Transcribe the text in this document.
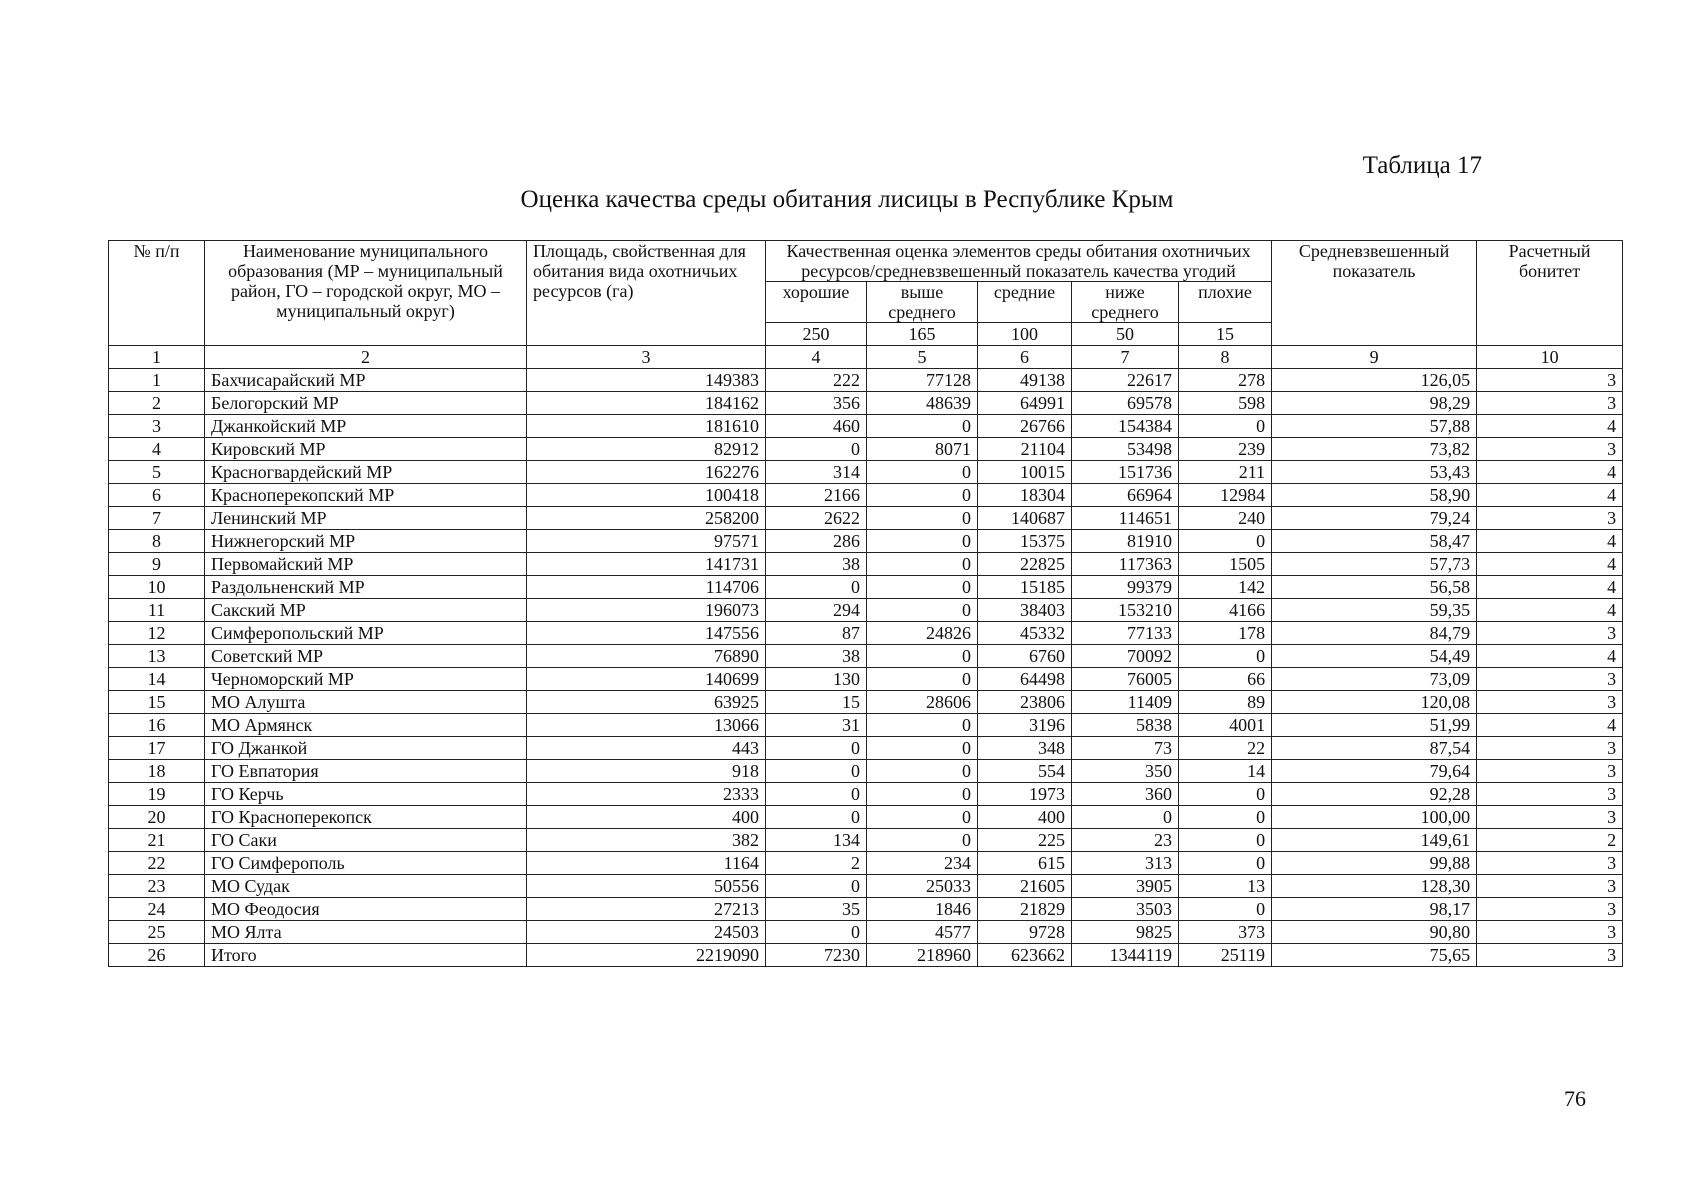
Таблица 17
Оценка качества среды обитания лисицы в Республике Крым
№ п/п	Наименование муниципального образования (МР – муниципальный район, ГО – городской округ, МО – муниципальный округ)	Площадь, свойственная для обитания вида охотничьих ресурсов (га)	Качественная оценка элементов среды обитания охотничьих ресурсов/средневзвешенный показатель качества угодий					Средневзвешенный показатель	Расчетный бонитет
			хорошие	выше среднего	средние	ниже среднего	плохие		
			250	165	100	50	15		
1	2	3	4	5	6	7	8	9	10
1	Бахчисарайский МР	149383	222	77128	49138	22617	278	126,05	3
2	Белогорский МР	184162	356	48639	64991	69578	598	98,29	3
3	Джанкойский МР	181610	460	0	26766	154384	0	57,88	4
4	Кировский МР	82912	0	8071	21104	53498	239	73,82	3
5	Красногвардейский МР	162276	314	0	10015	151736	211	53,43	4
6	Красноперекопский МР	100418	2166	0	18304	66964	12984	58,90	4
7	Ленинский МР	258200	2622	0	140687	114651	240	79,24	3
8	Нижнегорский МР	97571	286	0	15375	81910	0	58,47	4
9	Первомайский МР	141731	38	0	22825	117363	1505	57,73	4
10	Раздольненский МР	114706	0	0	15185	99379	142	56,58	4
11	Сакский МР	196073	294	0	38403	153210	4166	59,35	4
12	Симферопольский МР	147556	87	24826	45332	77133	178	84,79	3
13	Советский МР	76890	38	0	6760	70092	0	54,49	4
14	Черноморский МР	140699	130	0	64498	76005	66	73,09	3
15	МО Алушта	63925	15	28606	23806	11409	89	120,08	3
16	МО Армянск	13066	31	0	3196	5838	4001	51,99	4
17	ГО Джанкой	443	0	0	348	73	22	87,54	3
18	ГО Евпатория	918	0	0	554	350	14	79,64	3
19	ГО Керчь	2333	0	0	1973	360	0	92,28	3
20	ГО Красноперекопск	400	0	0	400	0	0	100,00	3
21	ГО Саки	382	134	0	225	23	0	149,61	2
22	ГО Симферополь	1164	2	234	615	313	0	99,88	3
23	МО Судак	50556	0	25033	21605	3905	13	128,30	3
24	МО Феодосия	27213	35	1846	21829	3503	0	98,17	3
25	МО Ялта	24503	0	4577	9728	9825	373	90,80	3
26	Итого	2219090	7230	218960	623662	1344119	25119	75,65	3
76
